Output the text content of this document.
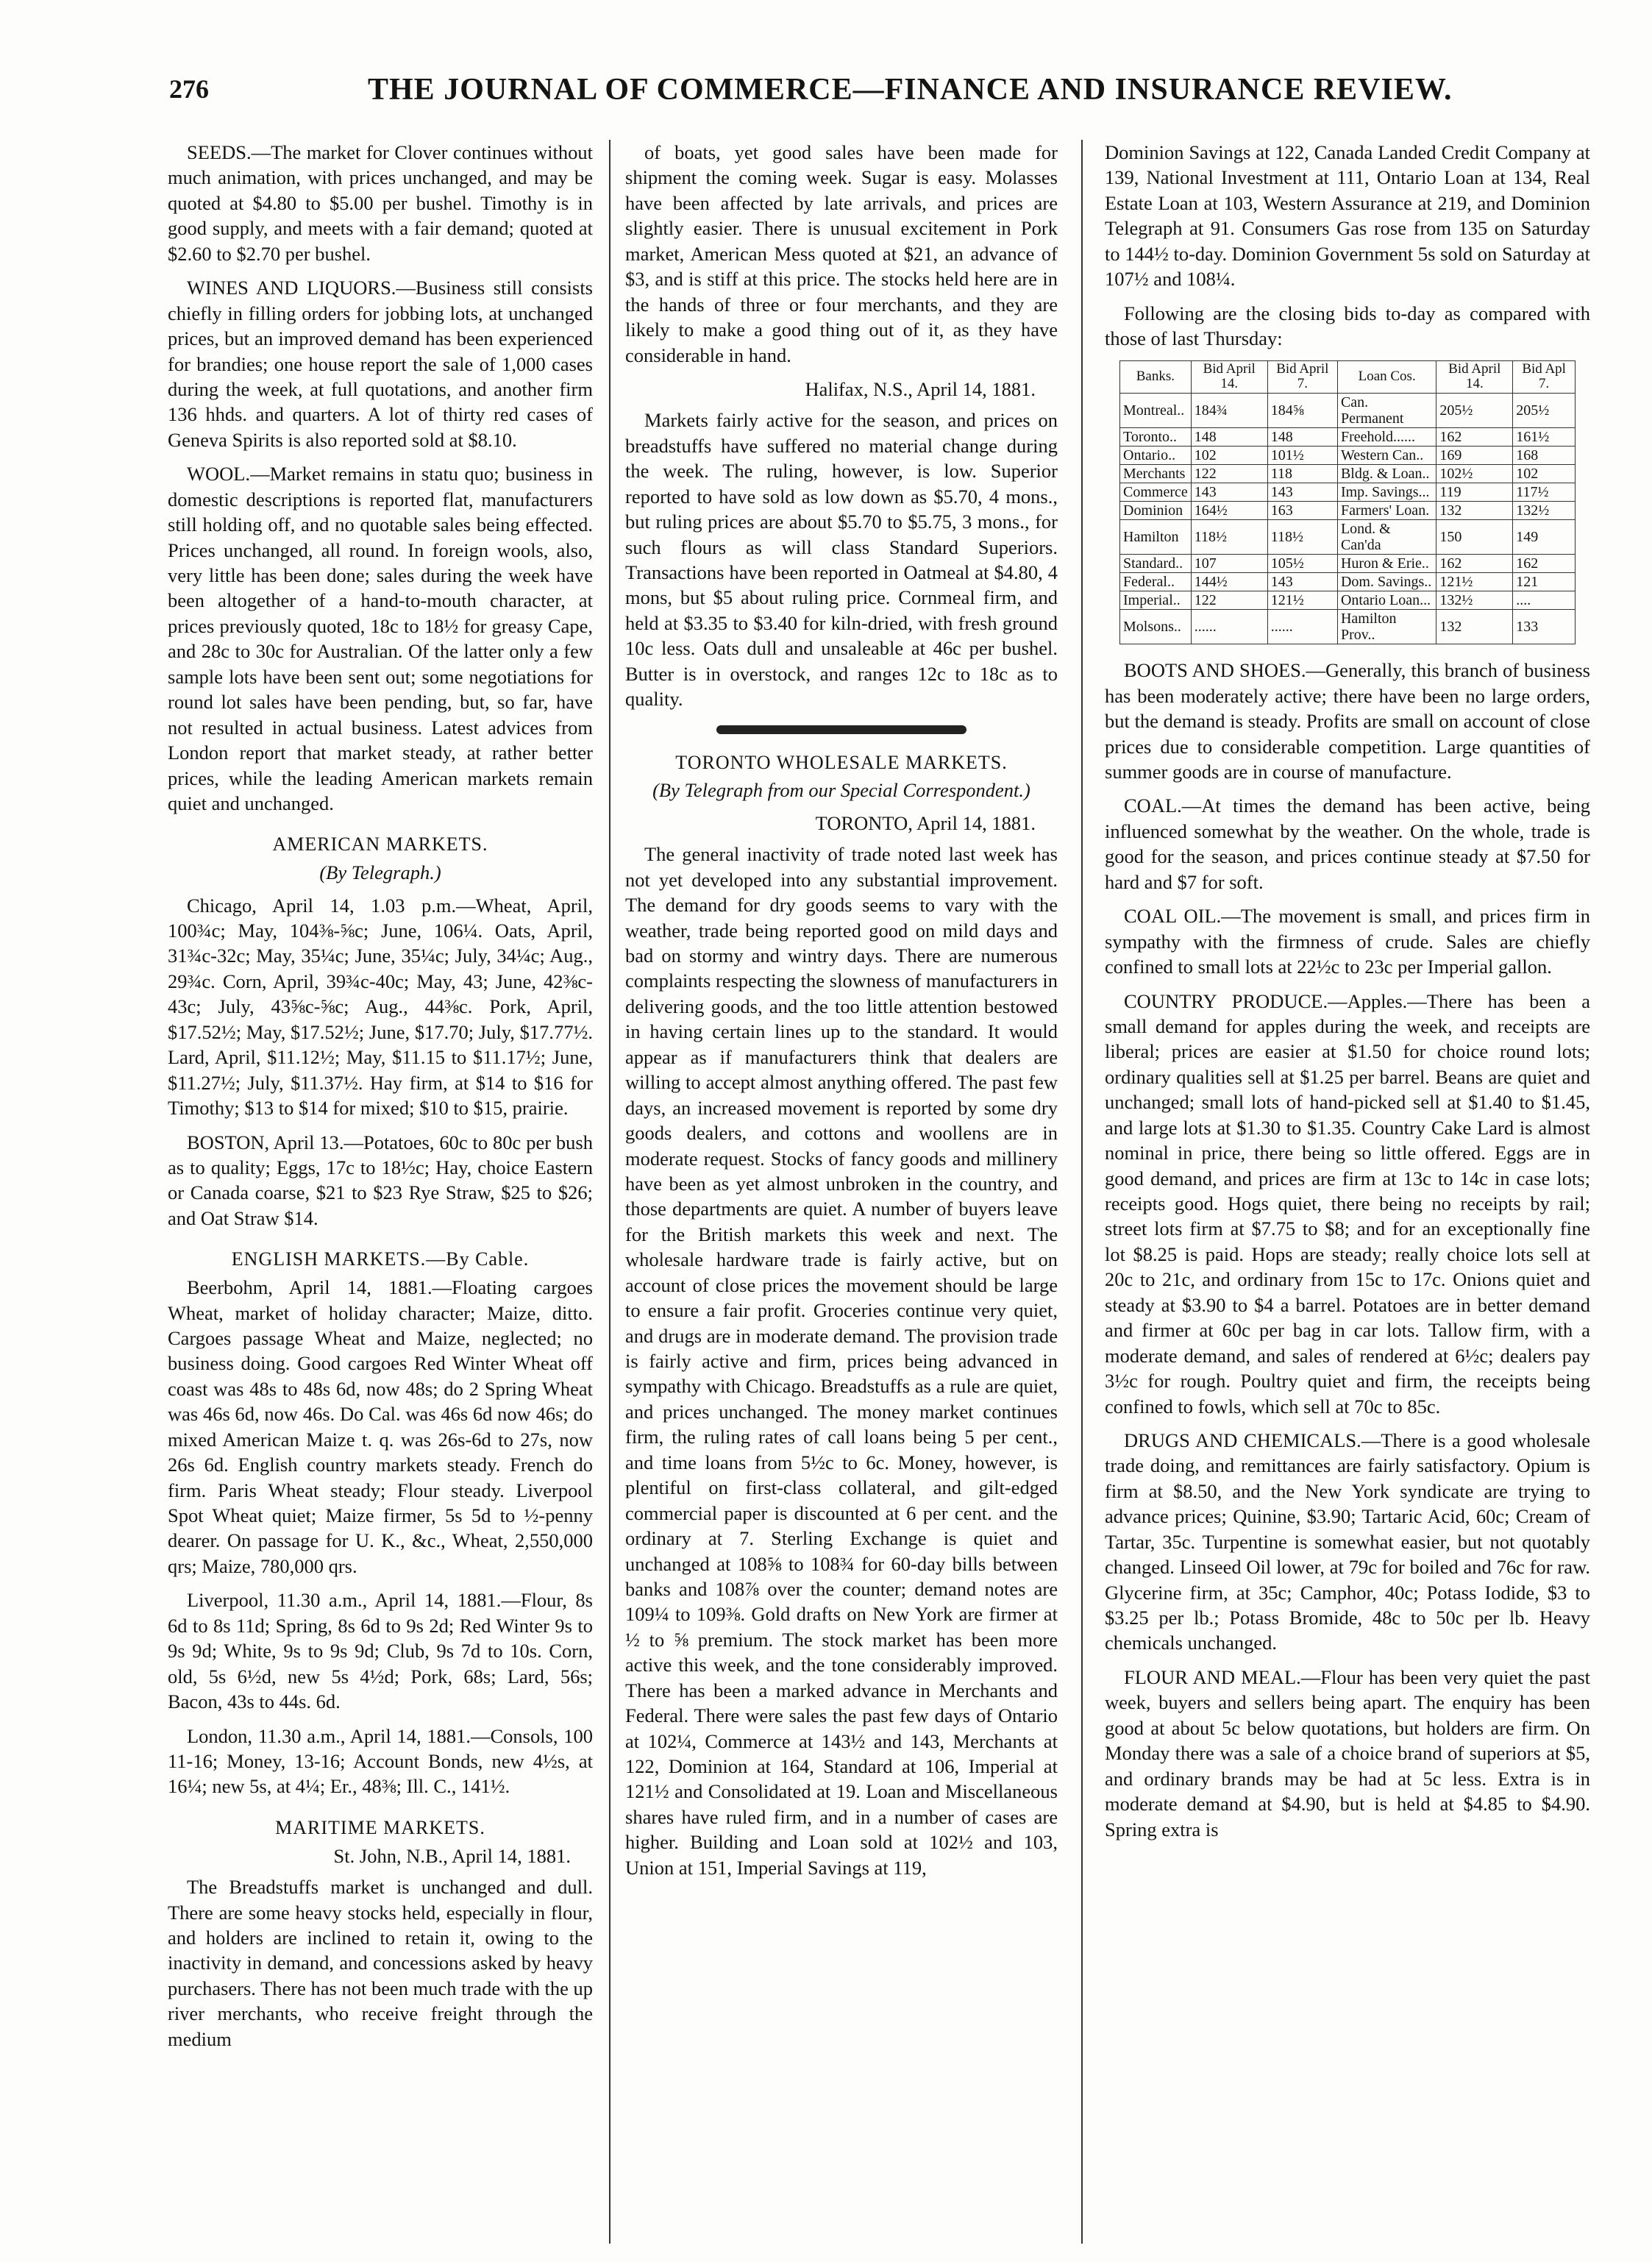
276	THE JOURNAL OF COMMERCE—FINANCE AND INSURANCE REVIEW.

SEEDS.—The market for Clover continues without much animation, with prices unchanged, and may be quoted at $4.80 to $5.00 per bushel. Timothy is in good supply, and meets with a fair demand; quoted at $2.60 to $2.70 per bushel.

WINES AND LIQUORS.—Business still consists chiefly in filling orders for jobbing lots, at unchanged prices, but an improved demand has been experienced for brandies; one house report the sale of 1,000 cases during the week, at full quotations, and another firm 136 hhds. and quarters. A lot of thirty red cases of Geneva Spirits is also reported sold at $8.10.

WOOL.—Market remains in statu quo; business in domestic descriptions is reported flat, manufacturers still holding off, and no quotable sales being effected. Prices unchanged, all round. In foreign wools, also, very little has been done; sales during the week have been altogether of a hand-to-mouth character, at prices previously quoted, 18c to 18½ for greasy Cape, and 28c to 30c for Australian. Of the latter only a few sample lots have been sent out; some negotiations for round lot sales have been pending, but, so far, have not resulted in actual business. Latest advices from London report that market steady, at rather better prices, while the leading American markets remain quiet and unchanged.

AMERICAN MARKETS.
(By Telegraph.)

Chicago, April 14, 1.03 p.m.—Wheat, April, 100¾c; May, 104⅜-⅝c; June, 106¼. Oats, April, 31¾c-32c; May, 35¼c; June, 35¼c; July, 34¼c; Aug., 29¾c. Corn, April, 39¾c-40c; May, 43; June, 42⅜c-43c; July, 43⅝c-⅝c; Aug., 44⅜c. Pork, April, $17.52½; May, $17.52½; June, $17.70; July, $17.77½. Lard, April, $11.12½; May, $11.15 to $11.17½; June, $11.27½; July, $11.37½. Hay firm, at $14 to $16 for Timothy; $13 to $14 for mixed; $10 to $15, prairie.

BOSTON, April 13.—Potatoes, 60c to 80c per bush as to quality; Eggs, 17c to 18½c; Hay, choice Eastern or Canada coarse, $21 to $23 Rye Straw, $25 to $26; and Oat Straw $14.

ENGLISH MARKETS.—By Cable.

Beerbohm, April 14, 1881.—Floating cargoes Wheat, market of holiday character; Maize, ditto. Cargoes passage Wheat and Maize, neglected; no business doing. Good cargoes Red Winter Wheat off coast was 48s to 48s 6d, now 48s; do 2 Spring Wheat was 46s 6d, now 46s. Do Cal. was 46s 6d now 46s; do mixed American Maize t. q. was 26s-6d to 27s, now 26s 6d. English country markets steady. French do firm. Paris Wheat steady; Flour steady. Liverpool Spot Wheat quiet; Maize firmer, 5s 5d to ½-penny dearer. On passage for U. K., &c., Wheat, 2,550,000 qrs; Maize, 780,000 qrs.

Liverpool, 11.30 a.m., April 14, 1881.—Flour, 8s 6d to 8s 11d; Spring, 8s 6d to 9s 2d; Red Winter 9s to 9s 9d; White, 9s to 9s 9d; Club, 9s 7d to 10s. Corn, old, 5s 6½d, new 5s 4½d; Pork, 68s; Lard, 56s; Bacon, 43s to 44s. 6d.

London, 11.30 a.m., April 14, 1881.—Consols, 100 11-16; Money, 13-16; Account Bonds, new 4½s, at 16¼; new 5s, at 4¼; Er., 48⅜; Ill. C., 141½.

MARITIME MARKETS.
St. John, N.B., April 14, 1881.

The Breadstuffs market is unchanged and dull. There are some heavy stocks held, especially in flour, and holders are inclined to retain it, owing to the inactivity in demand, and concessions asked by heavy purchasers. There has not been much trade with the up river merchants, who receive freight through the medium

of boats, yet good sales have been made for shipment the coming week. Sugar is easy. Molasses have been affected by late arrivals, and prices are slightly easier. There is unusual excitement in Pork market, American Mess quoted at $21, an advance of $3, and is stiff at this price. The stocks held here are in the hands of three or four merchants, and they are likely to make a good thing out of it, as they have considerable in hand.

Halifax, N.S., April 14, 1881.

Markets fairly active for the season, and prices on breadstuffs have suffered no material change during the week. The ruling, however, is low. Superior reported to have sold as low down as $5.70, 4 mons., but ruling prices are about $5.70 to $5.75, 3 mons., for such flours as will class Standard Superiors. Transactions have been reported in Oatmeal at $4.80, 4 mons, but $5 about ruling price. Cornmeal firm, and held at $3.35 to $3.40 for kiln-dried, with fresh ground 10c less. Oats dull and unsaleable at 46c per bushel. Butter is in overstock, and ranges 12c to 18c as to quality.

TORONTO WHOLESALE MARKETS.
(By Telegraph from our Special Correspondent.)
TORONTO, April 14, 1881.

The general inactivity of trade noted last week has not yet developed into any substantial improvement. The demand for dry goods seems to vary with the weather, trade being reported good on mild days and bad on stormy and wintry days. There are numerous complaints respecting the slowness of manufacturers in delivering goods, and the too little attention bestowed in having certain lines up to the standard. It would appear as if manufacturers think that dealers are willing to accept almost anything offered. The past few days, an increased movement is reported by some dry goods dealers, and cottons and woollens are in moderate request. Stocks of fancy goods and millinery have been as yet almost unbroken in the country, and those departments are quiet. A number of buyers leave for the British markets this week and next. The wholesale hardware trade is fairly active, but on account of close prices the movement should be large to ensure a fair profit. Groceries continue very quiet, and drugs are in moderate demand. The provision trade is fairly active and firm, prices being advanced in sympathy with Chicago. Breadstuffs as a rule are quiet, and prices unchanged. The money market continues firm, the ruling rates of call loans being 5 per cent., and time loans from 5½c to 6c. Money, however, is plentiful on first-class collateral, and gilt-edged commercial paper is discounted at 6 per cent. and the ordinary at 7. Sterling Exchange is quiet and unchanged at 108⅝ to 108¾ for 60-day bills between banks and 108⅞ over the counter; demand notes are 109¼ to 109⅜. Gold drafts on New York are firmer at ½ to ⅝ premium. The stock market has been more active this week, and the tone considerably improved. There has been a marked advance in Merchants and Federal. There were sales the past few days of Ontario at 102¼, Commerce at 143½ and 143, Merchants at 122, Dominion at 164, Standard at 106, Imperial at 121½ and Consolidated at 19. Loan and Miscellaneous shares have ruled firm, and in a number of cases are higher. Building and Loan sold at 102½ and 103, Union at 151, Imperial Savings at 119,

Dominion Savings at 122, Canada Landed Credit Company at 139, National Investment at 111, Ontario Loan at 134, Real Estate Loan at 103, Western Assurance at 219, and Dominion Telegraph at 91. Consumers Gas rose from 135 on Saturday to 144½ to-day. Dominion Government 5s sold on Saturday at 107½ and 108¼.

Following are the closing bids to-day as compared with those of last Thursday:

Banks.	Bid April 14.	Bid April 7.	Loan Cos.	Bid April 14.	Bid Apl 7.
Montreal..	184¾	184⅝	Can. Permanent	205½	205½
Toronto..	148	148	Freehold......	162	161½
Ontario..	102	101½	Western Can..	169	168
Merchants	122	118	Bldg. & Loan..	102½	102
Commerce	143	143	Imp. Savings...	119	117½
Dominion	164½	163	Farmers' Loan.	132	132½
Hamilton	118½	118½	Lond. & Can'da	150	149
Standard..	107	105½	Huron & Erie..	162	162
Federal..	144½	143	Dom. Savings..	121½	121
Imperial..	122	121½	Ontario Loan...	132½	....
Molsons..	......	......	Hamilton Prov..	132	133

BOOTS AND SHOES.—Generally, this branch of business has been moderately active; there have been no large orders, but the demand is steady. Profits are small on account of close prices due to considerable competition. Large quantities of summer goods are in course of manufacture.

COAL.—At times the demand has been active, being influenced somewhat by the weather. On the whole, trade is good for the season, and prices continue steady at $7.50 for hard and $7 for soft.

COAL OIL.—The movement is small, and prices firm in sympathy with the firmness of crude. Sales are chiefly confined to small lots at 22½c to 23c per Imperial gallon.

COUNTRY PRODUCE.—Apples.—There has been a small demand for apples during the week, and receipts are liberal; prices are easier at $1.50 for choice round lots; ordinary qualities sell at $1.25 per barrel. Beans are quiet and unchanged; small lots of hand-picked sell at $1.40 to $1.45, and large lots at $1.30 to $1.35. Country Cake Lard is almost nominal in price, there being so little offered. Eggs are in good demand, and prices are firm at 13c to 14c in case lots; receipts good. Hogs quiet, there being no receipts by rail; street lots firm at $7.75 to $8; and for an exceptionally fine lot $8.25 is paid. Hops are steady; really choice lots sell at 20c to 21c, and ordinary from 15c to 17c. Onions quiet and steady at $3.90 to $4 a barrel. Potatoes are in better demand and firmer at 60c per bag in car lots. Tallow firm, with a moderate demand, and sales of rendered at 6½c; dealers pay 3½c for rough. Poultry quiet and firm, the receipts being confined to fowls, which sell at 70c to 85c.

DRUGS AND CHEMICALS.—There is a good wholesale trade doing, and remittances are fairly satisfactory. Opium is firm at $8.50, and the New York syndicate are trying to advance prices; Quinine, $3.90; Tartaric Acid, 60c; Cream of Tartar, 35c. Turpentine is somewhat easier, but not quotably changed. Linseed Oil lower, at 79c for boiled and 76c for raw. Glycerine firm, at 35c; Camphor, 40c; Potass Iodide, $3 to $3.25 per lb.; Potass Bromide, 48c to 50c per lb. Heavy chemicals unchanged.

FLOUR AND MEAL.—Flour has been very quiet the past week, buyers and sellers being apart. The enquiry has been good at about 5c below quotations, but holders are firm. On Monday there was a sale of a choice brand of superiors at $5, and ordinary brands may be had at 5c less. Extra is in moderate demand at $4.90, but is held at $4.85 to $4.90. Spring extra is
